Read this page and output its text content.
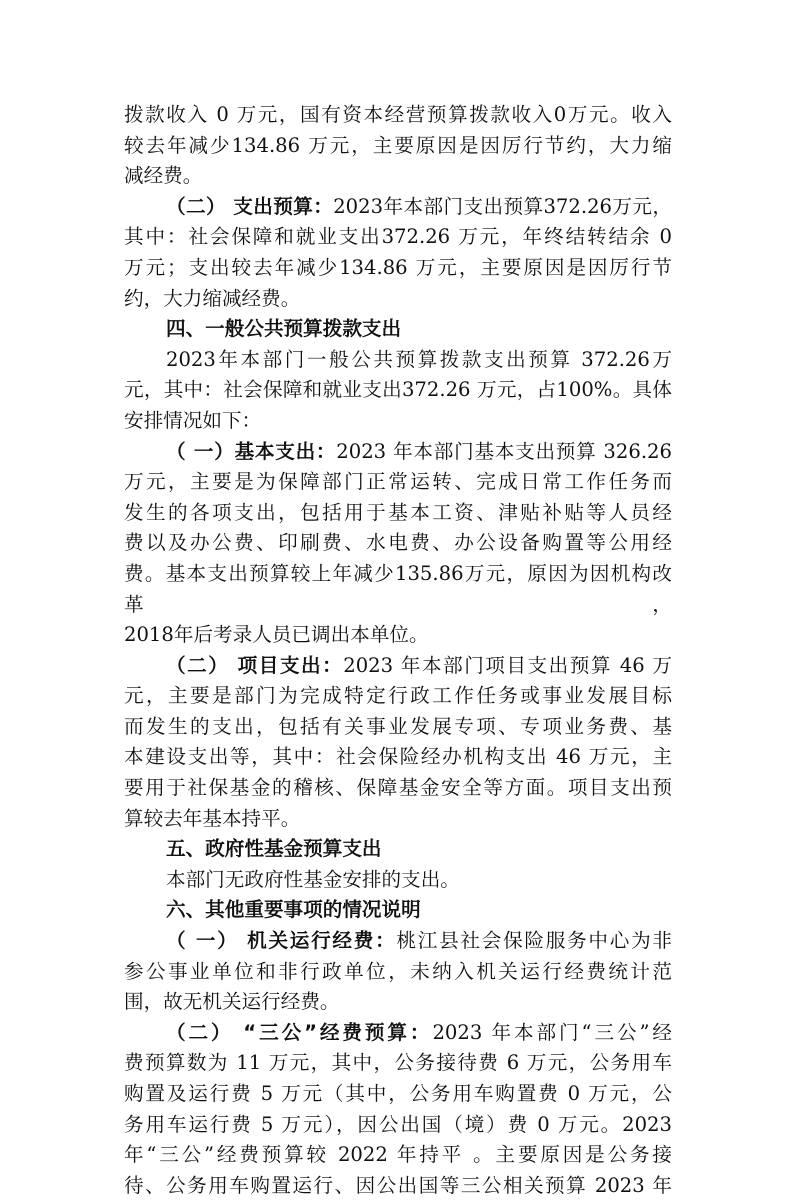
拨款收入 0 万元，国有资本经营预算拨款收入0万元。收入

较去年减少134.86 万元，主要原因是因厉行节约，大力缩

减经费。

（二） 支出预算：2023年本部门支出预算372.26万元，

其中：社会保障和就业支出372.26 万元，年终结转结余 0

万元；支出较去年减少134.86 万元，主要原因是因厉行节

约，大力缩减经费。

四、一般公共预算拨款支出

2023年本部门一般公共预算拨款支出预算 372.26万

元，其中：社会保障和就业支出372.26 万元，占100%。具体

安排情况如下：

（ 一）基本支出：2023 年本部门基本支出预算 326.26

万元，主要是为保障部门正常运转、完成日常工作任务而

发生的各项支出，包括用于基本工资、津贴补贴等人员经

费以及办公费、印刷费、水电费、办公设备购置等公用经

费。基本支出预算较上年减少135.86万元，原因为因机构改革，

2018年后考录人员已调出本单位。

（二） 项目支出：2023 年本部门项目支出预算 46 万

元，主要是部门为完成特定行政工作任务或事业发展目标

而发生的支出，包括有关事业发展专项、专项业务费、基

本建设支出等，其中：社会保险经办机构支出 46 万元，主

要用于社保基金的稽核、保障基金安全等方面。项目支出预

算较去年基本持平。

五、政府性基金预算支出

本部门无政府性基金安排的支出。

六、其他重要事项的情况说明

（ 一） 机关运行经费：桃江县社会保险服务中心为非

参公事业单位和非行政单位，未纳入机关运行经费统计范

围，故无机关运行经费。

（二） “三公”经费预算：2023 年本部门“三公”经

费预算数为 11 万元，其中，公务接待费 6 万元，公务用车

购置及运行费 5 万元（其中，公务用车购置费 0 万元，公

务用车运行费 5 万元），因公出国（境）费 0 万元。2023

年“三公”经费预算较 2022 年持平 。主要原因是公务接

待、公务用车购置运行、因公出国等三公相关预算 2023 年
